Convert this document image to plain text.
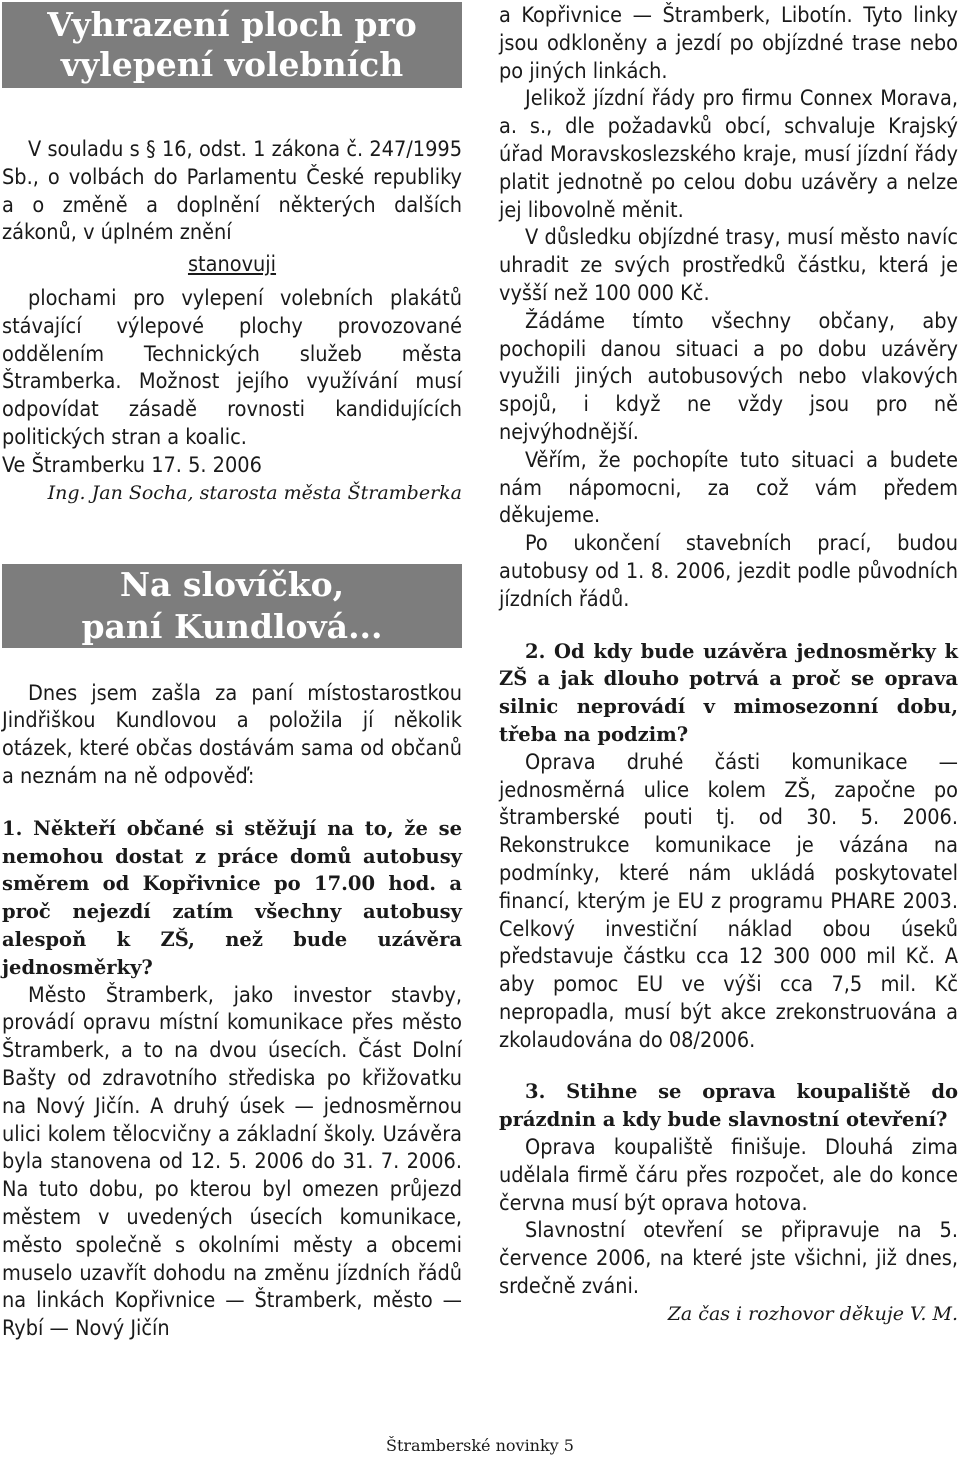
Vyhrazení ploch pro
vylepení volebních plakátů

V souladu s § 16, odst. 1 zákona č. 247/1995 Sb., o volbách do Parlamentu České republiky a o změně a doplnění některých dalších zákonů, v úplném znění

stanovuji

plochami pro vylepení volebních plakátů stávající výlepové plochy provozované oddělením Technických služeb města Štramberka. Možnost jejího využívání musí odpovídat zásadě rovnosti kandidujících politických stran a koalic.

Ve Štramberku 17. 5. 2006

Ing. Jan Socha, starosta města Štramberka

Na slovíčko,
paní Kundlová...

Dnes jsem zašla za paní místostarostkou Jindřiškou Kundlovou a položila jí několik otázek, které občas dostávám sama od občanů a neznám na ně odpověď:

1. Někteří občané si stěžují na to, že se nemohou dostat z práce domů autobusy směrem od Kopřivnice po 17.00 hod. a proč nejezdí zatím všechny autobusy alespoň k ZŠ, než bude uzávěra jednosměrky?

Město Štramberk, jako investor stavby, provádí opravu místní komunikace přes město Štramberk, a to na dvou úsecích. Část Dolní Bašty od zdravotního střediska po křižovatku na Nový Jičín. A druhý úsek — jednosměrnou ulici kolem tělocvičny a základní školy. Uzávěra byla stanovena od 12. 5. 2006 do 31. 7. 2006. Na tuto dobu, po kterou byl omezen průjezd městem v uvedených úsecích komunikace, město společně s okolními městy a obcemi muselo uzavřít dohodu na změnu jízdních řádů na linkách Kopřivnice — Štramberk, město — Rybí — Nový Jičín

a Kopřivnice — Štramberk, Libotín. Tyto linky jsou odkloněny a jezdí po objízdné trase nebo po jiných linkách.

Jelikož jízdní řády pro firmu Connex Morava, a. s., dle požadavků obcí, schvaluje Krajský úřad Moravskoslezského kraje, musí jízdní řády platit jednotně po celou dobu uzávěry a nelze jej libovolně měnit.

V důsledku objízdné trasy, musí město navíc uhradit ze svých prostředků částku, která je vyšší než 100 000 Kč.

Žádáme tímto všechny občany, aby pochopili danou situaci a po dobu uzávěry využili jiných autobusových nebo vlakových spojů, i když ne vždy jsou pro ně nejvýhodnější.

Věřím, že pochopíte tuto situaci a budete nám nápomocni, za což vám předem děkujeme.

Po ukončení stavebních prací, budou autobusy od 1. 8. 2006, jezdit podle původních jízdních řádů.

2. Od kdy bude uzávěra jednosměrky k ZŠ a jak dlouho potrvá a proč se oprava silnic neprovádí v mimosezonní dobu, třeba na podzim?

Oprava druhé části komunikace — jednosměrná ulice kolem ZŠ, započne po štramberské pouti tj. od 30. 5. 2006. Rekonstrukce komunikace je vázána na podmínky, které nám ukládá poskytovatel financí, kterým je EU z programu PHARE 2003. Celkový investiční náklad obou úseků představuje částku cca 12 300 000 mil Kč. A aby pomoc EU ve výši cca 7,5 mil. Kč nepropadla, musí být akce zrekonstruována a zkolaudována do 08/2006.

3. Stihne se oprava koupaliště do prázdnin a kdy bude slavnostní otevření?

Oprava koupaliště finišuje. Dlouhá zima udělala firmě čáru přes rozpočet, ale do konce června musí být oprava hotova.

Slavnostní otevření se připravuje na 5. července 2006, na které jste všichni, již dnes, srdečně zváni.

Za čas i rozhovor děkuje V. M.

Štramberské novinky 5
